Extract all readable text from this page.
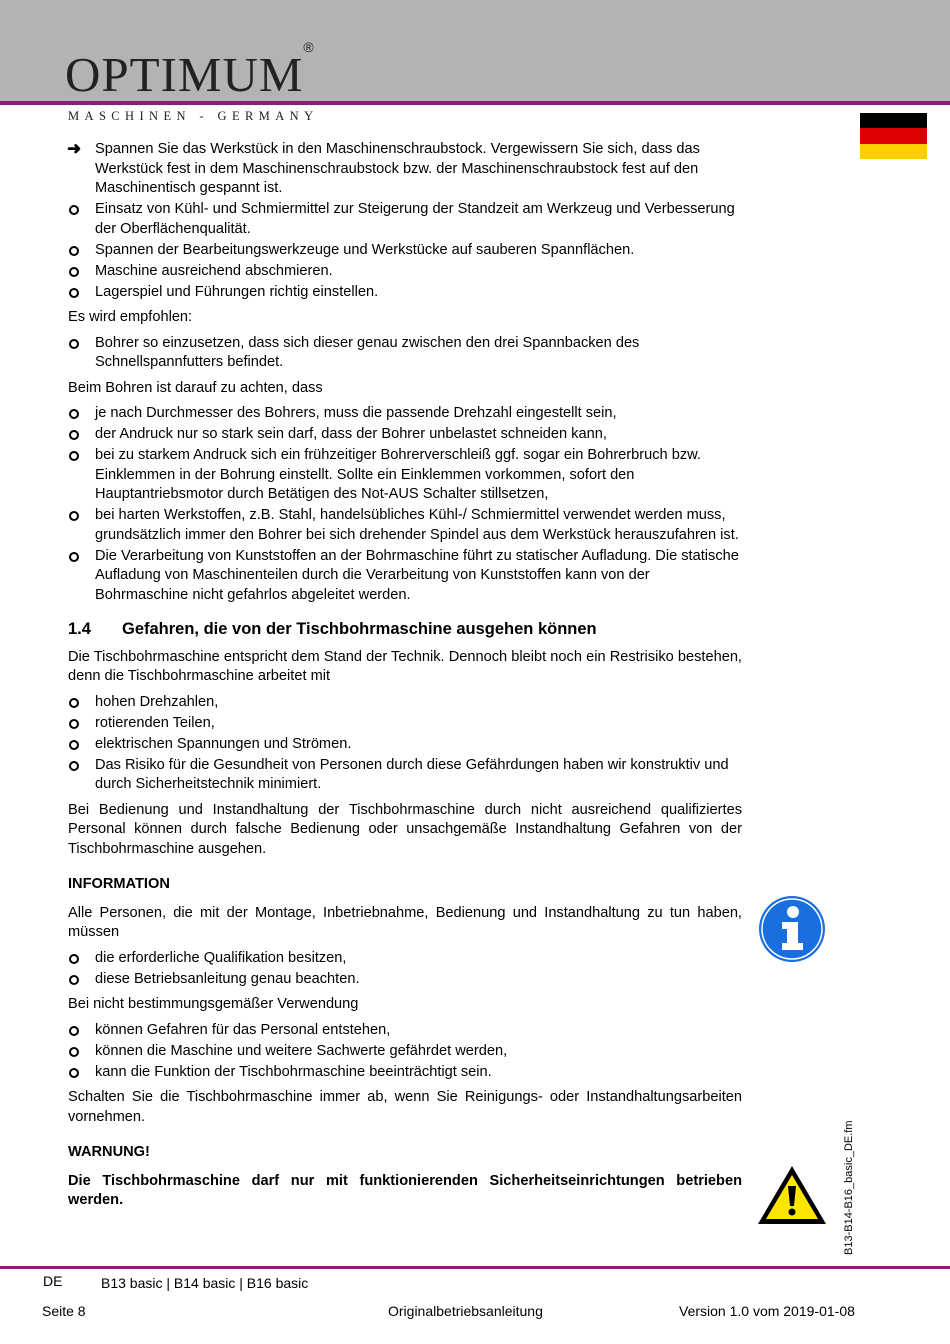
OPTIMUM®
MASCHINEN - GERMANY
➜ Spannen Sie das Werkstück in den Maschinenschraubstock. Vergewissern Sie sich, dass das Werkstück fest in dem Maschinenschraubstock bzw. der Maschinenschraubstock fest auf den Maschinentisch gespannt ist.
Einsatz von Kühl- und Schmiermittel zur Steigerung der Standzeit am Werkzeug und Verbesserung der Oberflächenqualität.
Spannen der Bearbeitungswerkzeuge und Werkstücke auf sauberen Spannflächen.
Maschine ausreichend abschmieren.
Lagerspiel und Führungen richtig einstellen.

Es wird empfohlen:

Bohrer so einzusetzen, dass sich dieser genau zwischen den drei Spannbacken des Schnellspannfutters befindet.

Beim Bohren ist darauf zu achten, dass

je nach Durchmesser des Bohrers, muss die passende Drehzahl eingestellt sein,
der Andruck nur so stark sein darf, dass der Bohrer unbelastet schneiden kann,
bei zu starkem Andruck sich ein frühzeitiger Bohrerverschleiß ggf. sogar ein Bohrerbruch bzw. Einklemmen in der Bohrung einstellt. Sollte ein Einklemmen vorkommen, sofort den Hauptantriebsmotor durch Betätigen des Not-AUS Schalter stillsetzen,
bei harten Werkstoffen, z.B. Stahl, handelsübliches Kühl-/ Schmiermittel verwendet werden muss, grundsätzlich immer den Bohrer bei sich drehender Spindel aus dem Werkstück herauszufahren ist.
Die Verarbeitung von Kunststoffen an der Bohrmaschine führt zu statischer Aufladung. Die statische Aufladung von Maschinenteilen durch die Verarbeitung von Kunststoffen kann von der Bohrmaschine nicht gefahrlos abgeleitet werden.
1.4	Gefahren, die von der Tischbohrmaschine ausgehen können

Die Tischbohrmaschine entspricht dem Stand der Technik. Dennoch bleibt noch ein Restrisiko bestehen, denn die Tischbohrmaschine arbeitet mit

hohen Drehzahlen,
rotierenden Teilen,
elektrischen Spannungen und Strömen.
Das Risiko für die Gesundheit von Personen durch diese Gefährdungen haben wir konstruktiv und durch Sicherheitstechnik minimiert.

Bei Bedienung und Instandhaltung der Tischbohrmaschine durch nicht ausreichend qualifiziertes Personal können durch falsche Bedienung oder unsachgemäße Instandhaltung Gefahren von der Tischbohrmaschine ausgehen.

INFORMATION

Alle Personen, die mit der Montage, Inbetriebnahme, Bedienung und Instandhaltung zu tun haben, müssen

die erforderliche Qualifikation besitzen,
diese Betriebsanleitung genau beachten.

Bei nicht bestimmungsgemäßer Verwendung

können Gefahren für das Personal entstehen,
können die Maschine und weitere Sachwerte gefährdet werden,
kann die Funktion der Tischbohrmaschine beeinträchtigt sein.

Schalten Sie die Tischbohrmaschine immer ab, wenn Sie Reinigungs- oder Instandhaltungsarbeiten vornehmen.

WARNUNG!

Die Tischbohrmaschine darf nur mit funktionierenden Sicherheitseinrichtungen betrieben werden.	B13-B14-B16_basic_DE.fm
DE	B13 basic | B14 basic | B16 basic
Seite 8	Originalbetriebsanleitung	Version 1.0 vom 2019-01-08
